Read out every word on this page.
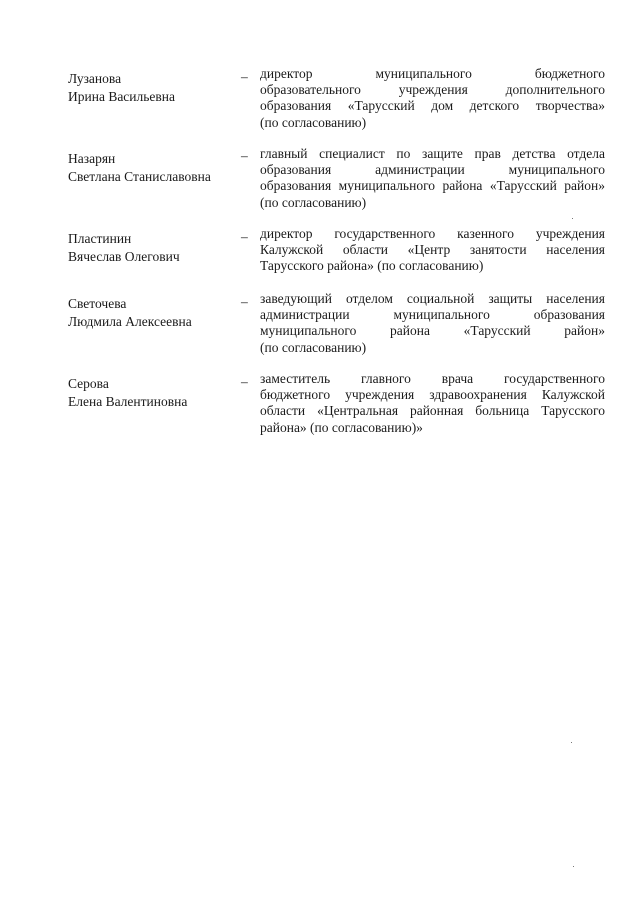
Лузанова
Ирина Васильевна
– директор муниципального бюджетного
образовательного учреждения дополнительного
образования «Тарусский дом детского творчества»
(по согласованию)
Назарян
Светлана Станиславовна
– главный специалист по защите прав детства отдела
образования администрации муниципального
образования муниципального района «Тарусский район»
(по согласованию)
Пластинин
Вячеслав Олегович
– директор государственного казенного учреждения
Калужской области «Центр занятости населения
Тарусского района» (по согласованию)
Светочева
Людмила Алексеевна
– заведующий отделом социальной защиты населения
администрации муниципального образования
муниципального района «Тарусский район»
(по согласованию)
Серова
Елена Валентиновна
– заместитель главного врача государственного
бюджетного учреждения здравоохранения Калужской
области «Центральная районная больница Тарусского
района» (по согласованию)»
